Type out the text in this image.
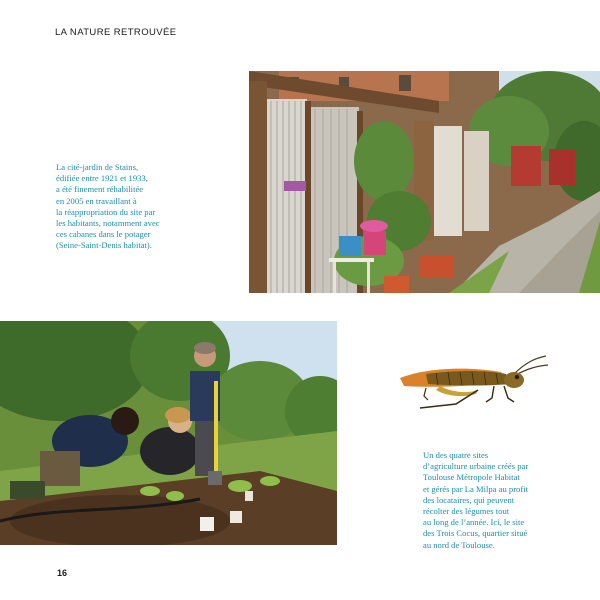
LA NATURE RETROUVÉE
La cité-jardin de Stains,
édifiée entre 1921 et 1933,
a été finement réhabilitée
en 2005 en travaillant à
la réappropriation du site par
les habitants, notamment avec
ces cabanes dans le potager
(Seine-Saint-Denis habitat).
Un des quatre sites
d’agriculture urbaine créés par
Toulouse Métropole Habitat
et gérés par La Milpa au profit
des locataires, qui peuvent
récolter des légumes tout
au long de l’année. Ici, le site
des Trois Cocus, quartier situé
au nord de Toulouse.
16
